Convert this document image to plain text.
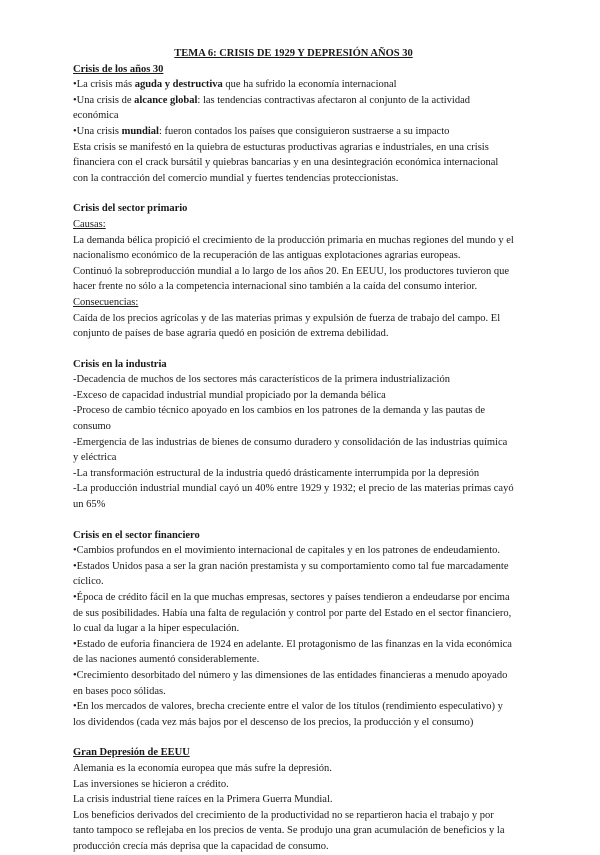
TEMA 6: CRISIS DE 1929 Y DEPRESIÓN AÑOS 30
Crisis de los años 30
•La crisis más aguda y destructiva que ha sufrido la economía internacional
•Una crisis de alcance global: las tendencias contractivas afectaron al conjunto de la actividad económica
•Una crisis mundial: fueron contados los países que consiguieron sustraerse a su impacto
Esta crisis se manifestó en la quiebra de estucturas productivas agrarias e industriales, en una crisis financiera con el crack bursátil y quiebras bancarias y en una desintegración económica internacional con la contracción del comercio mundial y fuertes tendencias proteccionistas.
Crisis del sector primario
Causas:
La demanda bélica propició el crecimiento de la producción primaria en muchas regiones del mundo y el nacionalismo económico de la recuperación de las antiguas explotaciones agrarias europeas.
Continuó la sobreproducción mundial a lo largo de los años 20. En EEUU, los productores tuvieron que hacer frente no sólo a la competencia internacional sino también a la caída del consumo interior.
Consecuencias:
Caída de los precios agrícolas y de las materias primas y expulsión de fuerza de trabajo del campo. El conjunto de países de base agraria quedó en posición de extrema debilidad.
Crisis en la industria
-Decadencia de muchos de los sectores más característicos de la primera industrialización
-Exceso de capacidad industrial mundial propiciado por la demanda bélica
-Proceso de cambio técnico apoyado en los cambios en los patrones de la demanda y las pautas de consumo
-Emergencia de las industrias de bienes de consumo duradero y consolidación de las industrias química y eléctrica
-La transformación estructural de la industria quedó drásticamente interrumpida por la depresión
-La producción industrial mundial cayó un 40% entre 1929 y 1932; el precio de las materias primas cayó un 65%
Crisis en el sector financiero
•Cambios profundos en el movimiento internacional de capitales y en los patrones de endeudamiento.
•Estados Unidos pasa a ser la gran nación prestamista y su comportamiento como tal fue marcadamente cíclico.
•Época de crédito fácil en la que muchas empresas, sectores y países tendieron a endeudarse por encima de sus posibilidades. Había una falta de regulación y control por parte del Estado en el sector financiero, lo cual da lugar a la hiper especulación.
•Estado de euforia financiera de 1924 en adelante. El protagonismo de las finanzas en la vida económica de las naciones aumentó considerablemente.
•Crecimiento desorbitado del número y las dimensiones de las entidades financieras a menudo apoyado en bases poco sólidas.
•En los mercados de valores, brecha creciente entre el valor de los títulos (rendimiento especulativo) y los dividendos (cada vez más bajos por el descenso de los precios, la producción y el consumo)
Gran Depresión de EEUU
Alemania es la economía europea que más sufre la depresión.
Las inversiones se hicieron a crédito.
La crisis industrial tiene raíces en la Primera Guerra Mundial.
Los beneficios derivados del crecimiento de la productividad no se repartieron hacia el trabajo y por tanto tampoco se reflejaba en los precios de venta. Se produjo una gran acumulación de beneficios y la producción crecía más deprisa que la capacidad de consumo.
